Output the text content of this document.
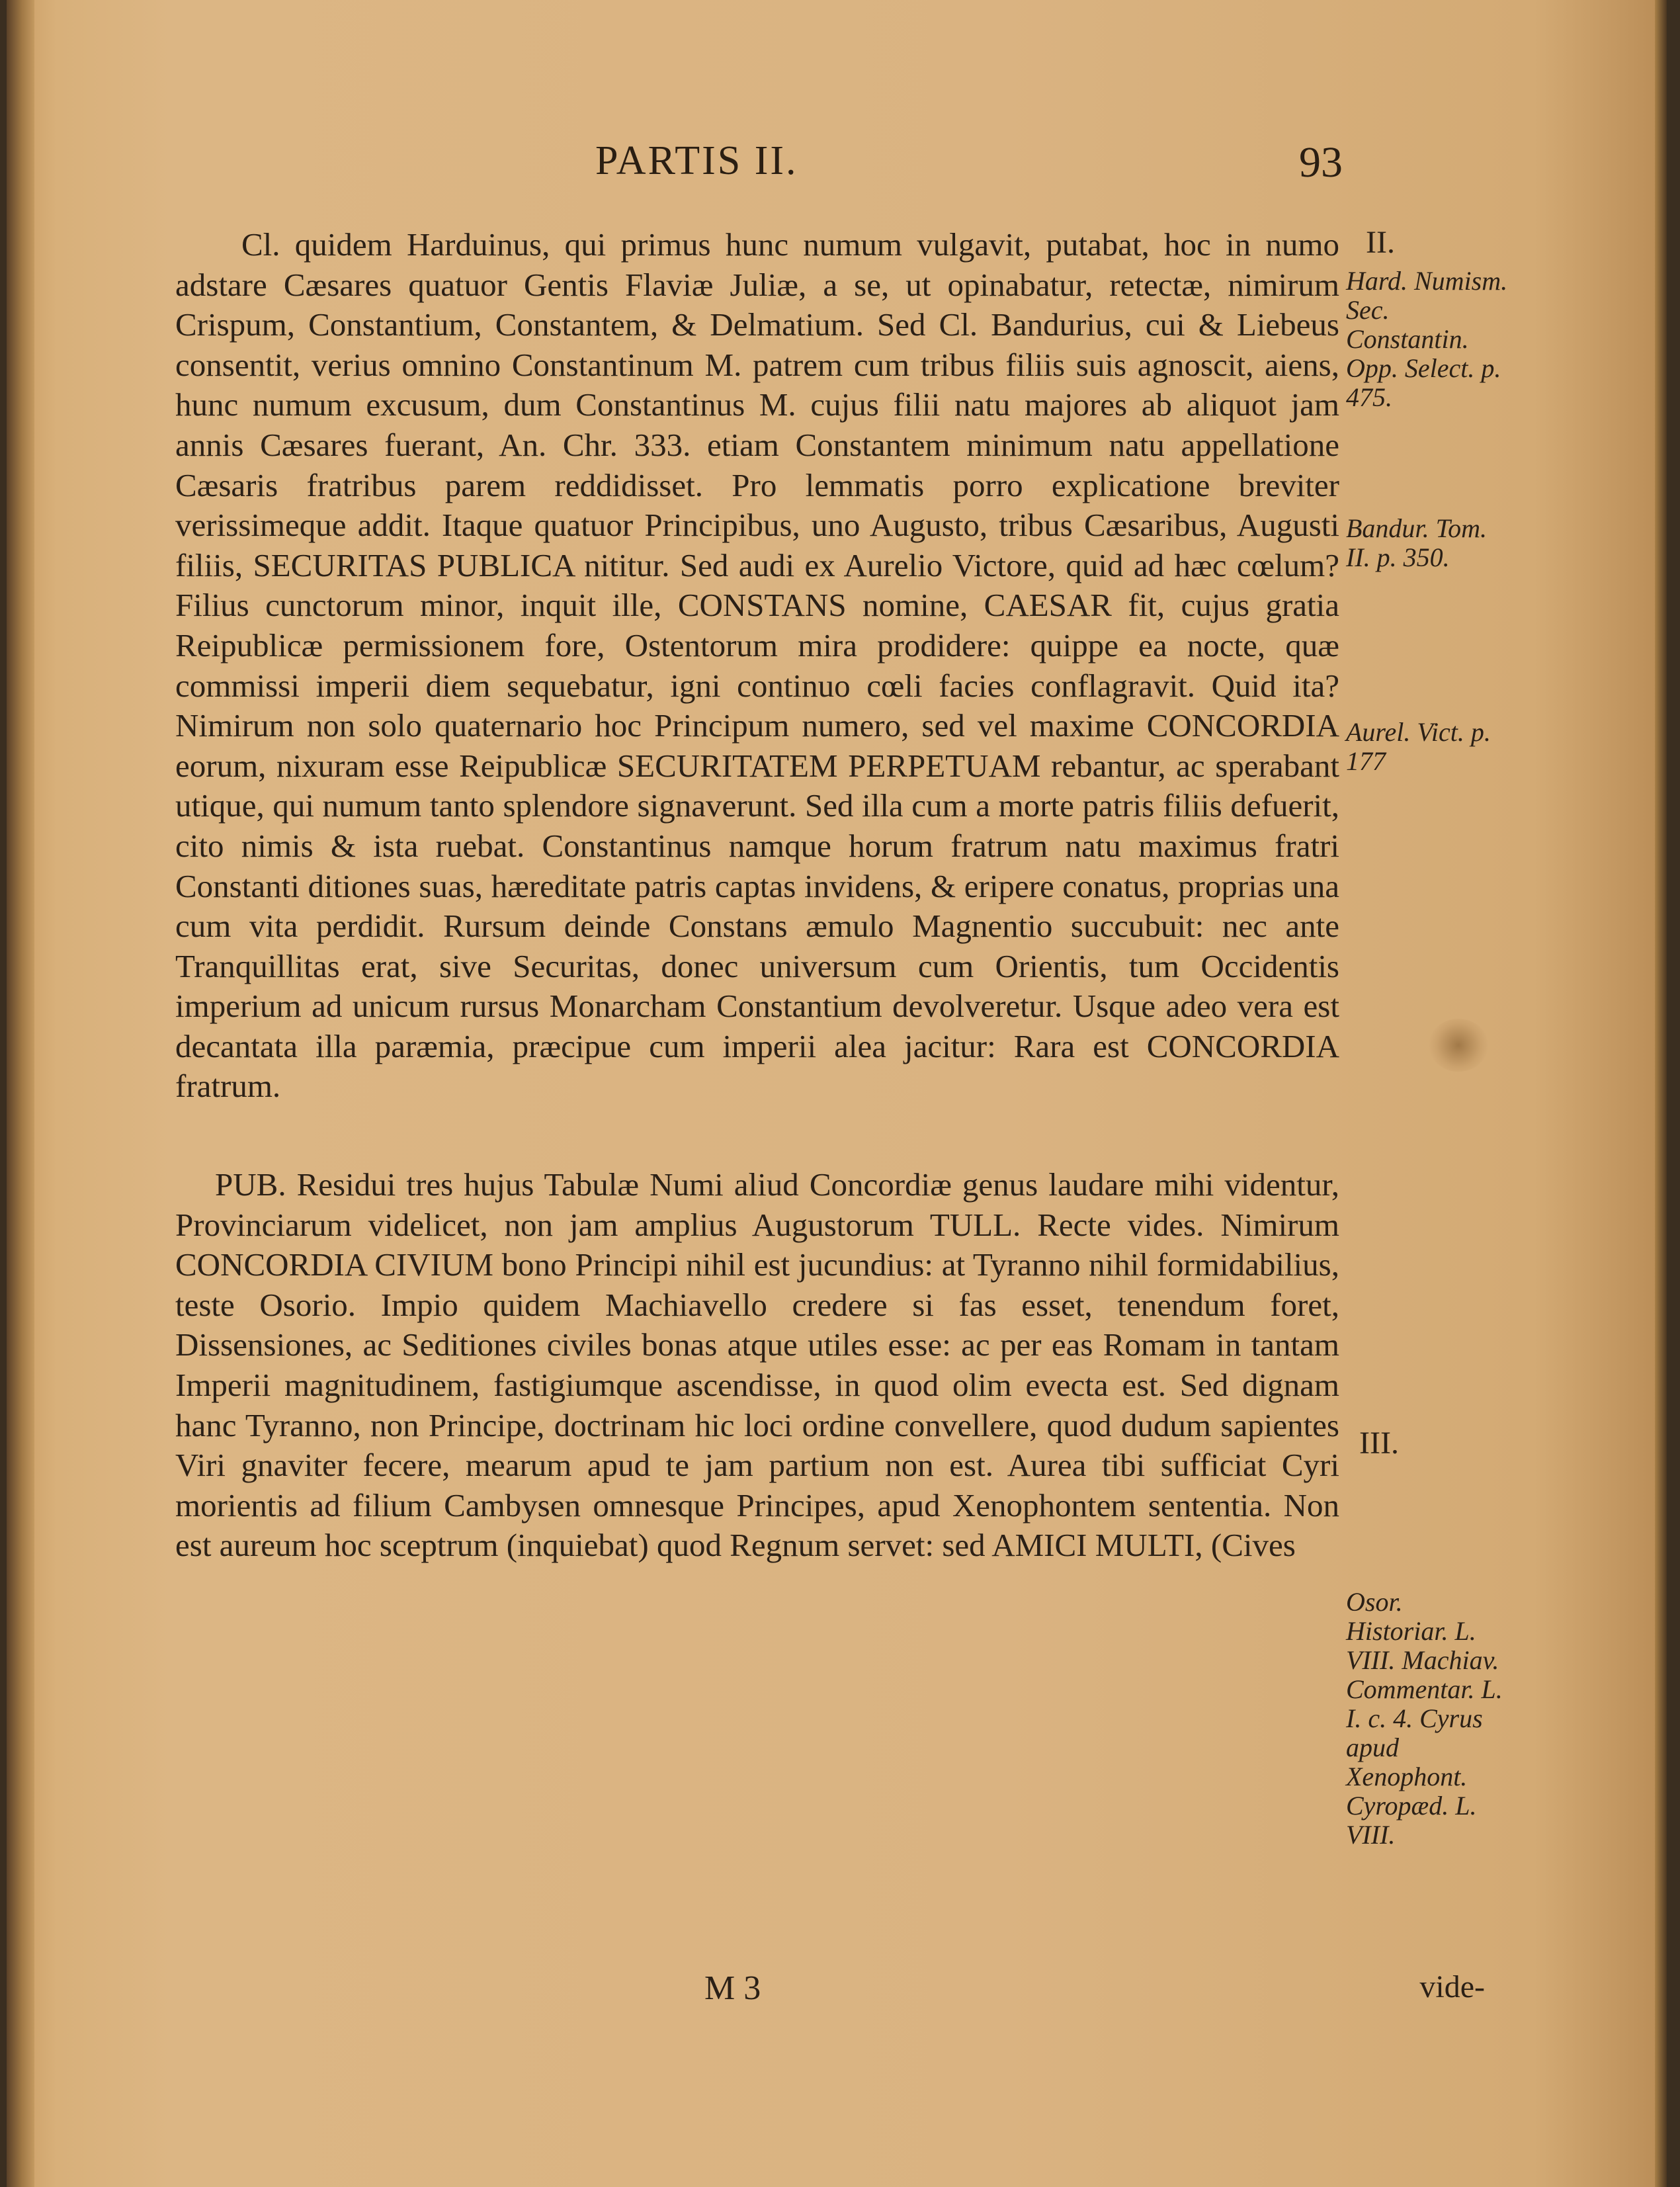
PARTIS II.	93

Cl. quidem Harduinus, qui primus hunc numum vulgavit, putabat, hoc in numo adstare Cæsares quatuor Gentis Flaviæ Juliæ, a se, ut opinabatur, retectæ, nimirum Crispum, Constantium, Constantem, & Delmatium. Sed Cl. Bandurius, cui & Liebeus consentit, verius omnino Constantinum M. patrem cum tribus filiis suis agnoscit, aiens, hunc numum excusum, dum Constantinus M. cujus filii natu majores ab aliquot jam annis Cæsares fuerant, An. Chr. 333. etiam Constantem minimum natu appellatione Cæsaris fratribus parem reddidisset. Pro lemmatis porro explicatione breviter verissimeque addit. Itaque quatuor Principibus, uno Augusto, tribus Cæsaribus, Augusti filiis, SECURITAS PUBLICA nititur. Sed audi ex Aurelio Victore, quid ad hæc cœlum? Filius cunctorum minor, inquit ille, CONSTANS nomine, CAESAR fit, cujus gratia Reipublicæ permissionem fore, Ostentorum mira prodidere: quippe ea nocte, quæ commissi imperii diem sequebatur, igni continuo cœli facies conflagravit. Quid ita? Nimirum non solo quaternario hoc Principum numero, sed vel maxime CONCORDIA eorum, nixuram esse Reipublicæ SECURITATEM PERPETUAM rebantur, ac sperabant utique, qui numum tanto splendore signaverunt. Sed illa cum a morte patris filiis defuerit, cito nimis & ista ruebat. Constantinus namque horum fratrum natu maximus fratri Constanti ditiones suas, hæreditate patris captas invidens, & eripere conatus, proprias una cum vita perdidit. Rursum deinde Constans æmulo Magnentio succubuit: nec ante Tranquillitas erat, sive Securitas, donec universum cum Orientis, tum Occidentis imperium ad unicum rursus Monarcham Constantium devolveretur. Usque adeo vera est decantata illa paræmia, præcipue cum imperii alea jacitur: Rara est CONCORDIA fratrum.

PUB. Residui tres hujus Tabulæ Numi aliud Concordiæ genus laudare mihi videntur, Provinciarum videlicet, non jam amplius Augustorum TULL. Recte vides. Nimirum CONCORDIA CIVIUM bono Principi nihil est jucundius: at Tyranno nihil formidabilius, teste Osorio. Impio quidem Machiavello credere si fas esset, tenendum foret, Dissensiones, ac Seditiones civiles bonas atque utiles esse: ac per eas Romam in tantam Imperii magnitudinem, fastigiumque ascendisse, in quod olim evecta est. Sed dignam hanc Tyranno, non Principe, doctrinam hic loci ordine convellere, quod dudum sapientes Viri gnaviter fecere, mearum apud te jam partium non est. Aurea tibi sufficiat Cyri morientis ad filium Cambysen omnesque Principes, apud Xenophontem sententia. Non est aureum hoc sceptrum (inquiebat) quod Regnum servet: sed AMICI MULTI, (Cives

II.
Hard. Numism. Sec. Constantin. Opp. Select. p. 475.
Bandur. Tom. II. p. 350.
Aurel. Vict. p. 177
III.
Osor. Historiar. L. VIII. Machiav. Commentar. L. I. c. 4. Cyrus apud Xenophont. Cyropæd. L. VIII.
M 3	vide-
